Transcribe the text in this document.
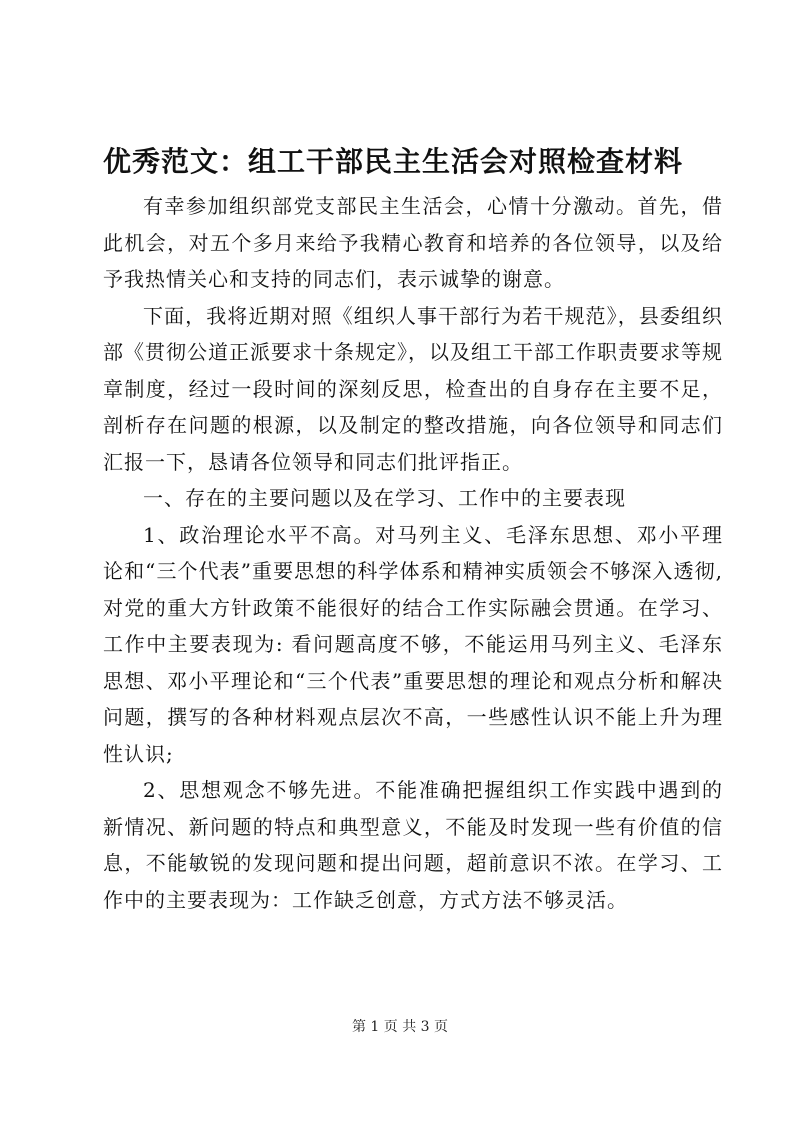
优秀范文：组工干部民主生活会对照检查材料

有幸参加组织部党支部民主生活会，心情十分激动。首先，借此机会，对五个多月来给予我精心教育和培养的各位领导，以及给予我热情关心和支持的同志们，表示诚挚的谢意。

下面，我将近期对照《组织人事干部行为若干规范》，县委组织部《贯彻公道正派要求十条规定》，以及组工干部工作职责要求等规章制度，经过一段时间的深刻反思，检查出的自身存在主要不足，剖析存在问题的根源，以及制定的整改措施，向各位领导和同志们汇报一下，恳请各位领导和同志们批评指正。

一、存在的主要问题以及在学习、工作中的主要表现

1、政治理论水平不高。对马列主义、毛泽东思想、邓小平理论和“三个代表”重要思想的科学体系和精神实质领会不够深入透彻,对党的重大方针政策不能很好的结合工作实际融会贯通。在学习、工作中主要表现为: 看问题高度不够，不能运用马列主义、毛泽东思想、邓小平理论和“三个代表”重要思想的理论和观点分析和解决问题，撰写的各种材料观点层次不高，一些感性认识不能上升为理性认识;

2、思想观念不够先进。不能准确把握组织工作实践中遇到的新情况、新问题的特点和典型意义，不能及时发现一些有价值的信息，不能敏锐的发现问题和提出问题，超前意识不浓。在学习、工作中的主要表现为：工作缺乏创意，方式方法不够灵活。

第 1 页 共 3 页
